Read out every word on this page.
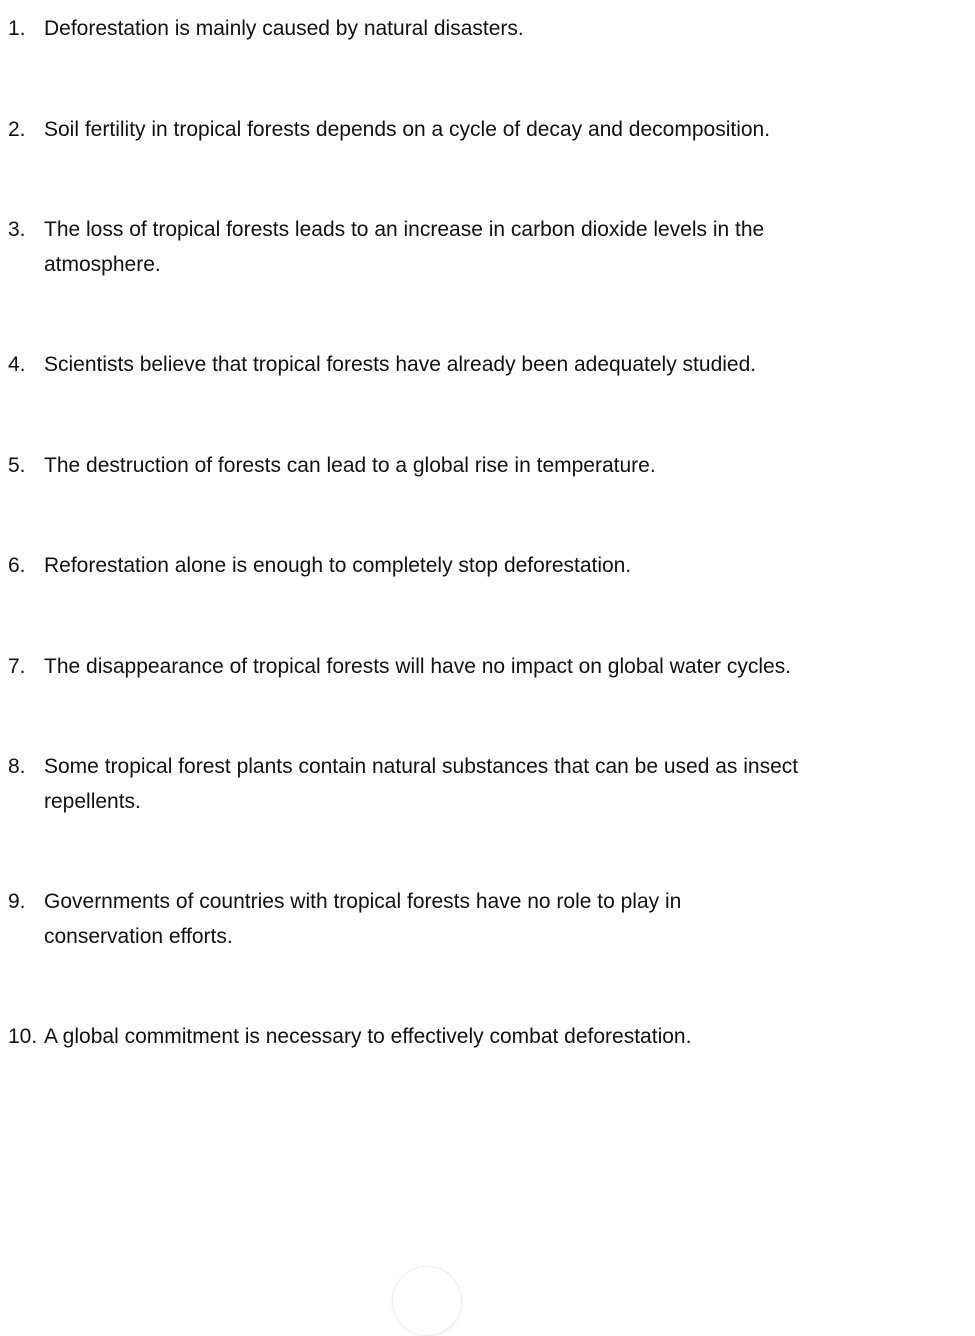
1. Deforestation is mainly caused by natural disasters.
2. Soil fertility in tropical forests depends on a cycle of decay and decomposition.
3. The loss of tropical forests leads to an increase in carbon dioxide levels in the atmosphere.
4. Scientists believe that tropical forests have already been adequately studied.
5. The destruction of forests can lead to a global rise in temperature.
6. Reforestation alone is enough to completely stop deforestation.
7. The disappearance of tropical forests will have no impact on global water cycles.
8. Some tropical forest plants contain natural substances that can be used as insect repellents.
9. Governments of countries with tropical forests have no role to play in conservation efforts.
10. A global commitment is necessary to effectively combat deforestation.
